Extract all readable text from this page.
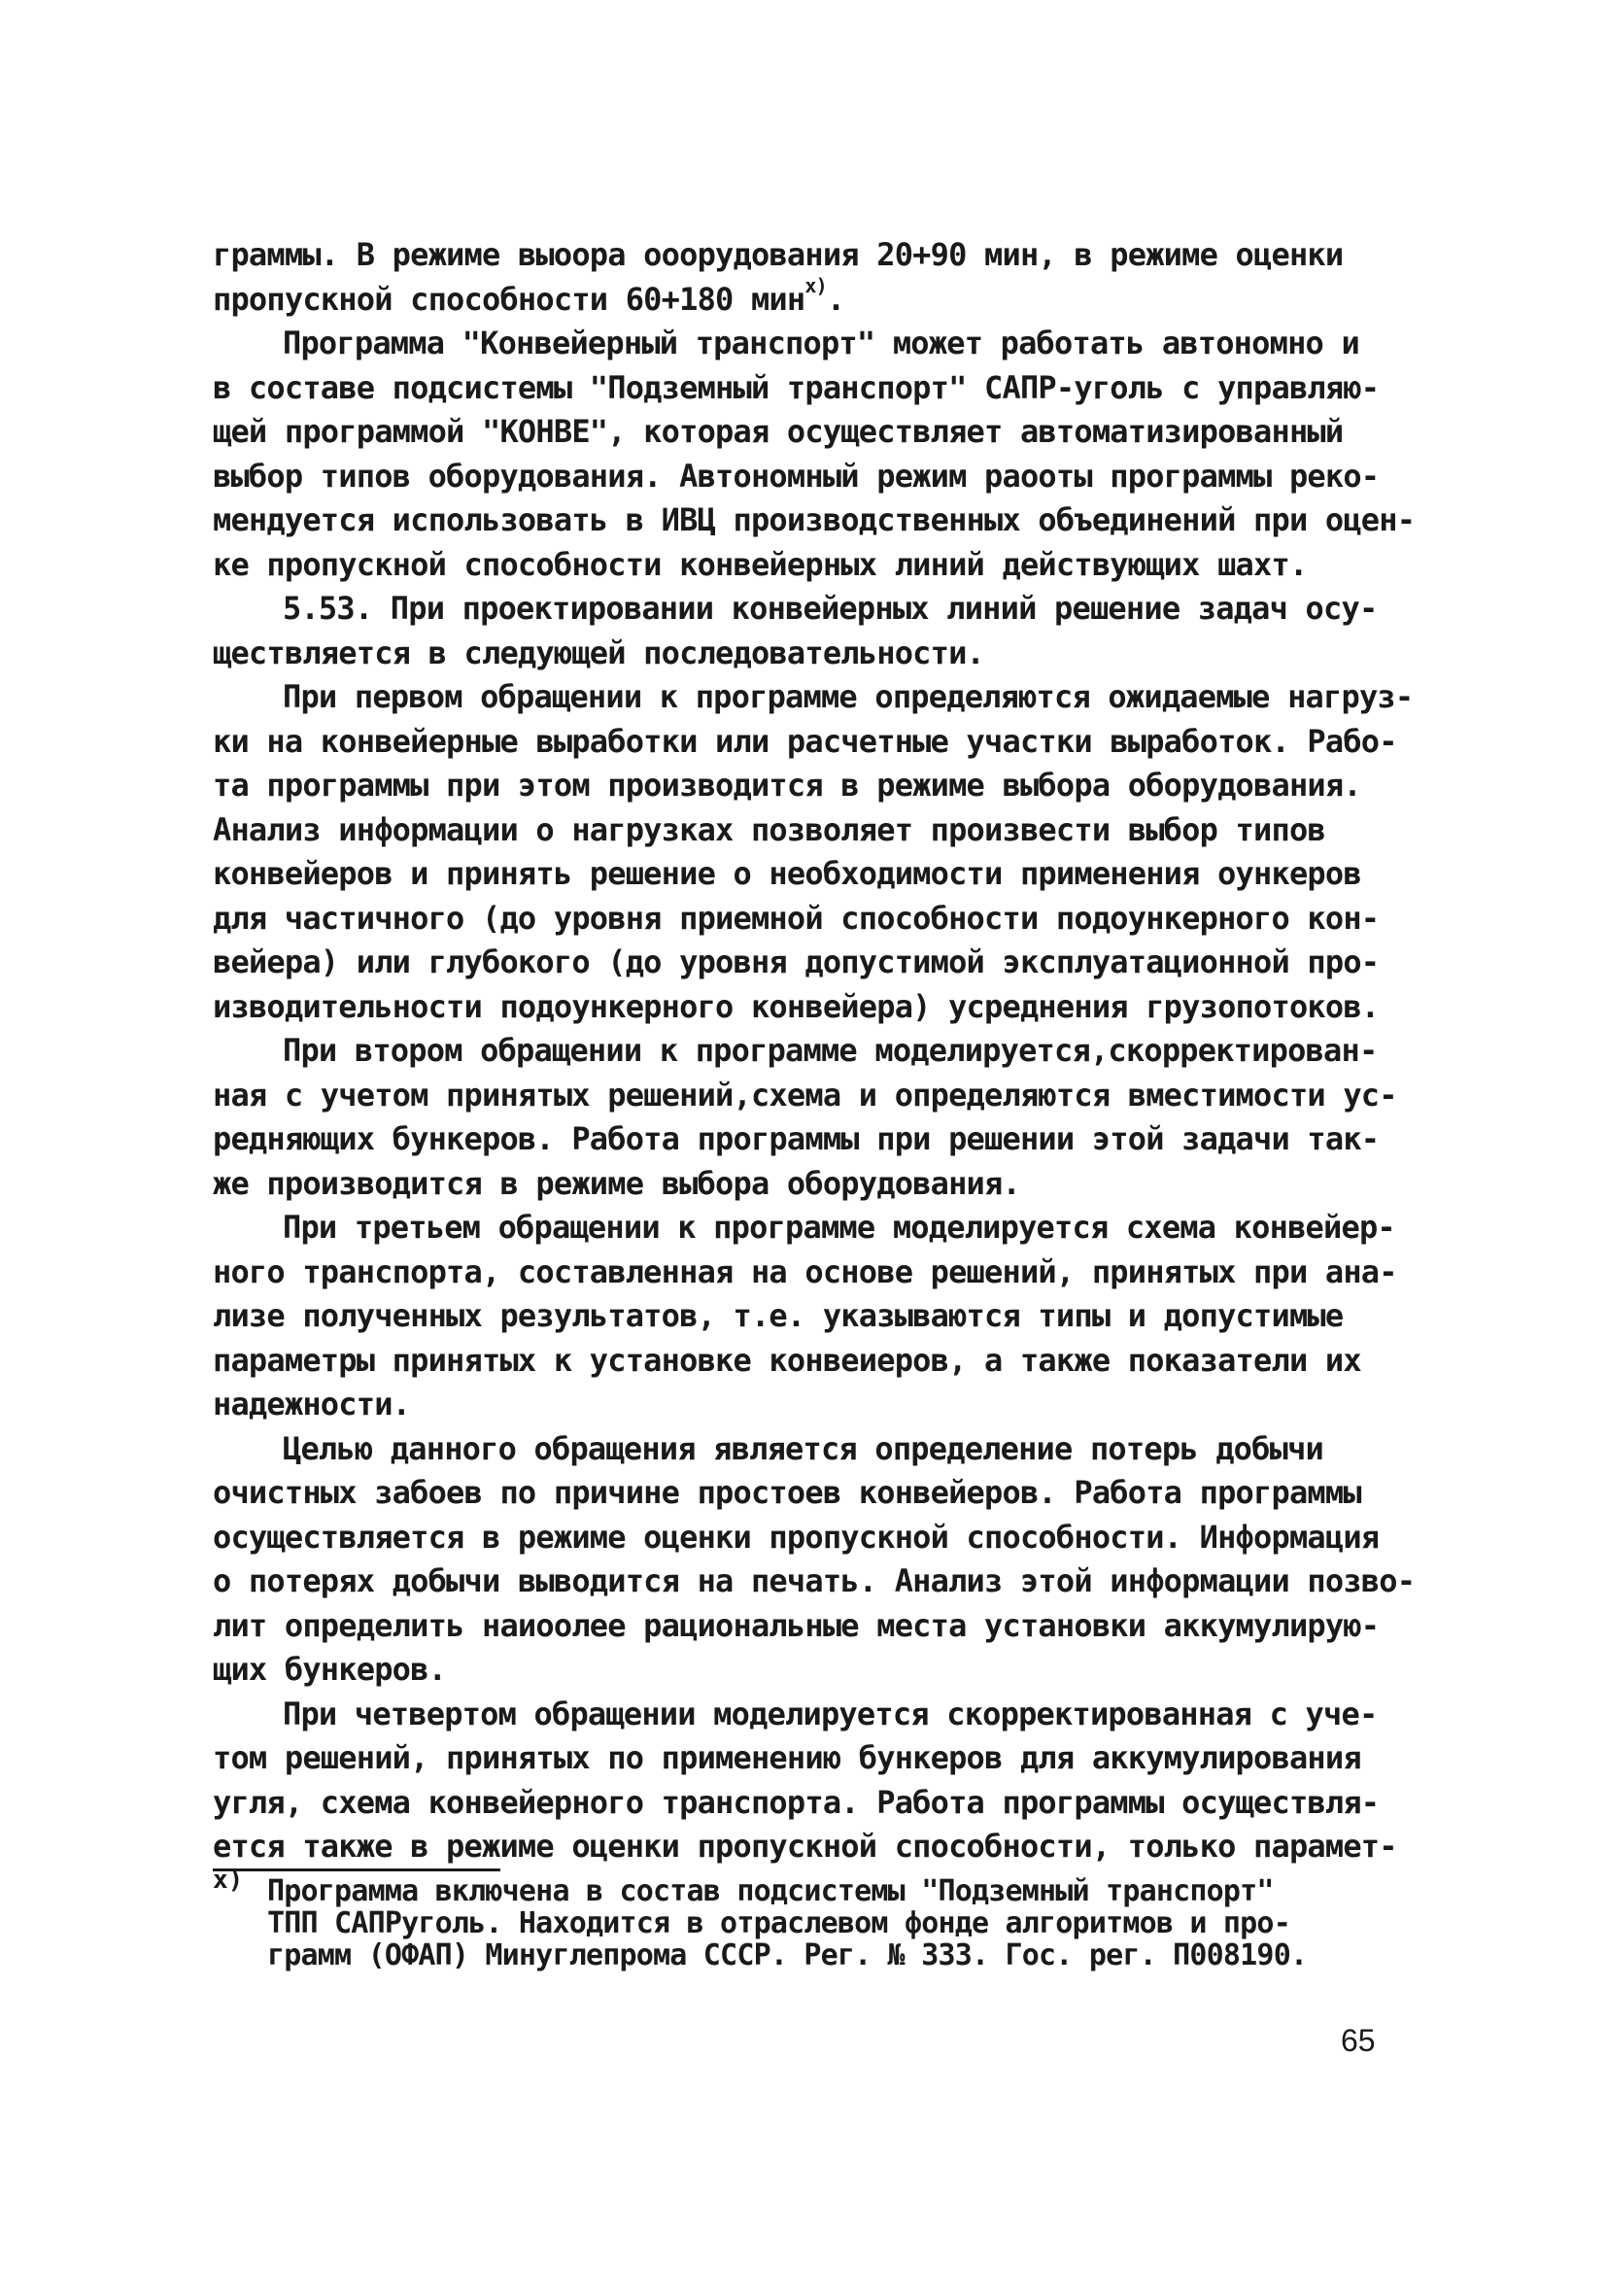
граммы. В режиме выоора ооорудования 20+90 мин, в режиме оценки
пропускной способности 60+180 мин$^{х)}$.
Программа "Конвейерный транспорт" может работать автономно и
в составе подсистемы "Подземный транспорт" САПР-уголь с управляю-
щей программой "КОНВЕ", которая осуществляет автоматизированный
выбор типов оборудования. Автономный режим раооты программы реко-
мендуется использовать в ИВЦ производственных объединений при оцен-
ке пропускной способности конвейерных линий действующих шахт.
5.53. При проектировании конвейерных линий решение задач осу-
ществляется в следующей последовательности.
При первом обращении к программе определяются ожидаемые нагруз-
ки на конвейерные выработки или расчетные участки выработок. Рабо-
та программы при этом производится в режиме выбора оборудования.
Анализ информации о нагрузках позволяет произвести выбор типов
конвейеров и принять решение о необходимости применения оункеров
для частичного (до уровня приемной способности подоункерного кон-
вейера) или глубокого (до уровня допустимой эксплуатационной про-
изводительности подоункерного конвейера) усреднения грузопотоков.
При втором обращении к программе моделируется,скорректирован-
ная с учетом принятых решений,схема и определяются вместимости ус-
редняющих бункеров. Работа программы при решении этой задачи так-
же производится в режиме выбора оборудования.
При третьем обращении к программе моделируется схема конвейер-
ного транспорта, составленная на основе решений, принятых при ана-
лизе полученных результатов, т.е. указываются типы и допустимые
параметры принятых к установке конвеиеров, а также показатели их
надежности.
Целью данного обращения является определение потерь добычи
очистных забоев по причине простоев конвейеров. Работа программы
осуществляется в режиме оценки пропускной способности. Информация
о потерях добычи выводится на печать. Анализ этой информации позво-
лит определить наиоолее рациональные места установки аккумулирую-
щих бункеров.
При четвертом обращении моделируется скорректированная с уче-
том решений, принятых по применению бункеров для аккумулирования
угля, схема конвейерного транспорта. Работа программы осуществля-
ется также в режиме оценки пропускной способности, только парамет-
х) Программа включена в состав подсистемы "Подземный транспорт"
ТПП САПРуголь. Находится в отраслевом фонде алгоритмов и про-
грамм (ОФАП) Минуглепрома СССР. Рег. № 333. Гос. рег. П008190.
65
